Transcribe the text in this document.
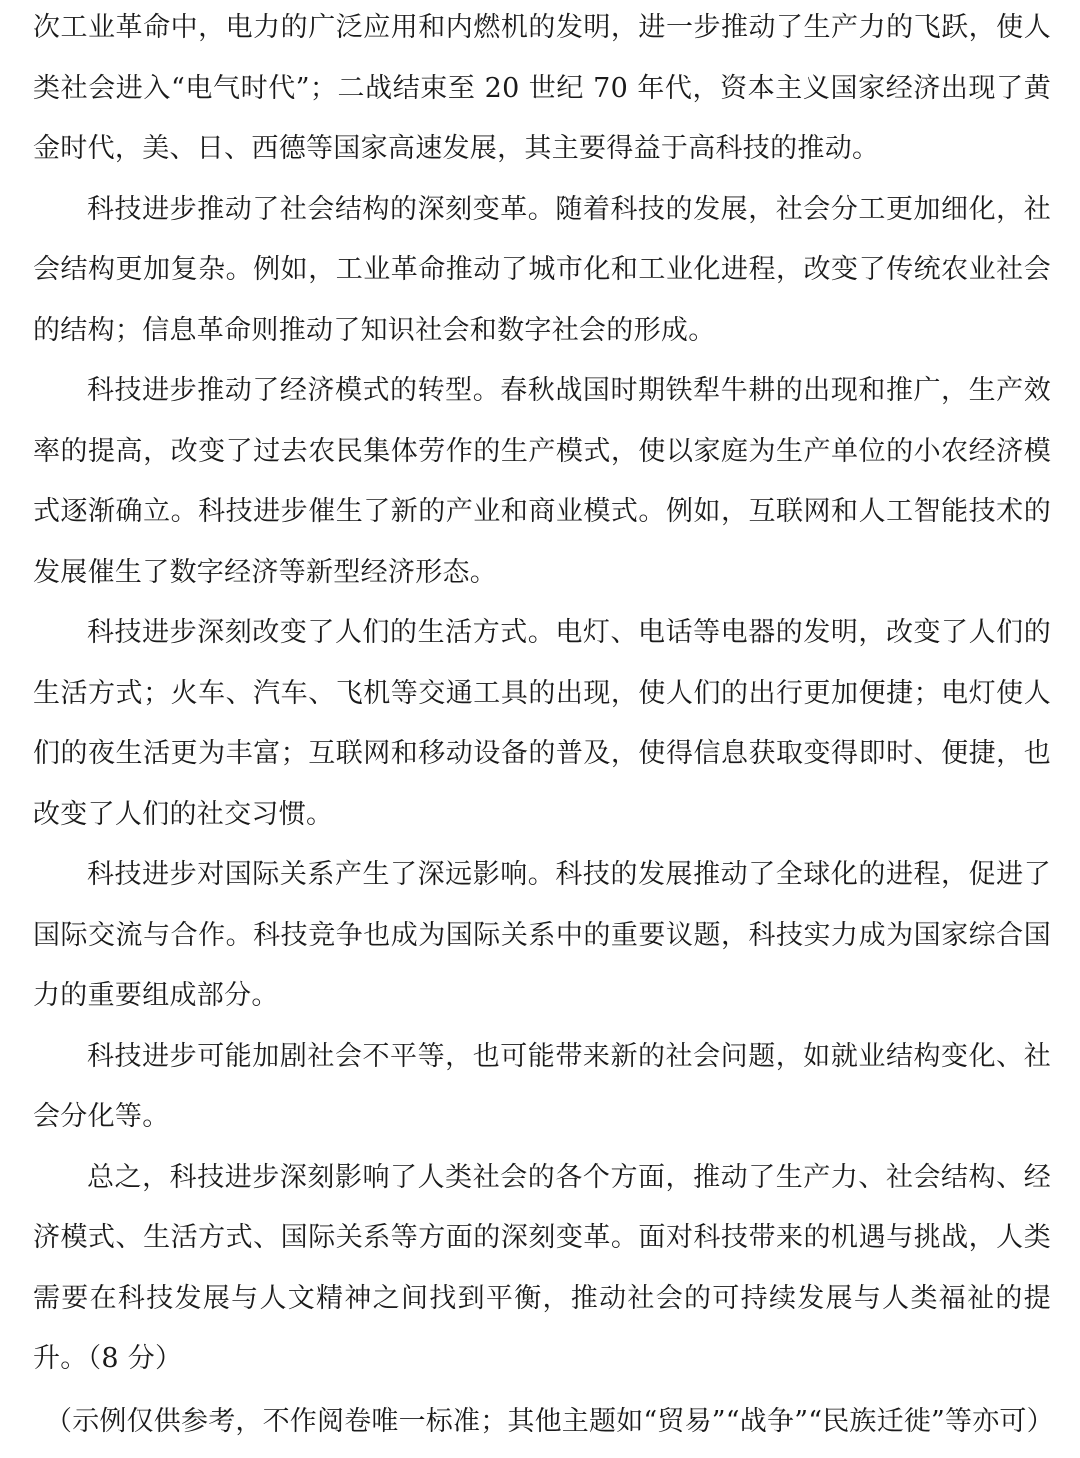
次工业革命中，电力的广泛应用和内燃机的发明，进一步推动了生产力的飞跃，使人类社会进入“电气时代”；二战结束至 20 世纪 70 年代，资本主义国家经济出现了黄金时代，美、日、西德等国家高速发展，其主要得益于高科技的推动。

科技进步推动了社会结构的深刻变革。随着科技的发展，社会分工更加细化，社会结构更加复杂。例如，工业革命推动了城市化和工业化进程，改变了传统农业社会的结构；信息革命则推动了知识社会和数字社会的形成。

科技进步推动了经济模式的转型。春秋战国时期铁犁牛耕的出现和推广，生产效率的提高，改变了过去农民集体劳作的生产模式，使以家庭为生产单位的小农经济模式逐渐确立。科技进步催生了新的产业和商业模式。例如，互联网和人工智能技术的发展催生了数字经济等新型经济形态。

科技进步深刻改变了人们的生活方式。电灯、电话等电器的发明，改变了人们的生活方式；火车、汽车、飞机等交通工具的出现，使人们的出行更加便捷；电灯使人们的夜生活更为丰富；互联网和移动设备的普及，使得信息获取变得即时、便捷，也改变了人们的社交习惯。

科技进步对国际关系产生了深远影响。科技的发展推动了全球化的进程，促进了国际交流与合作。科技竞争也成为国际关系中的重要议题，科技实力成为国家综合国力的重要组成部分。

科技进步可能加剧社会不平等，也可能带来新的社会问题，如就业结构变化、社会分化等。

总之，科技进步深刻影响了人类社会的各个方面，推动了生产力、社会结构、经济模式、生活方式、国际关系等方面的深刻变革。面对科技带来的机遇与挑战，人类需要在科技发展与人文精神之间找到平衡，推动社会的可持续发展与人类福祉的提升。（8 分）

（示例仅供参考，不作阅卷唯一标准；其他主题如“贸易”“战争”“民族迁徙”等亦可）
